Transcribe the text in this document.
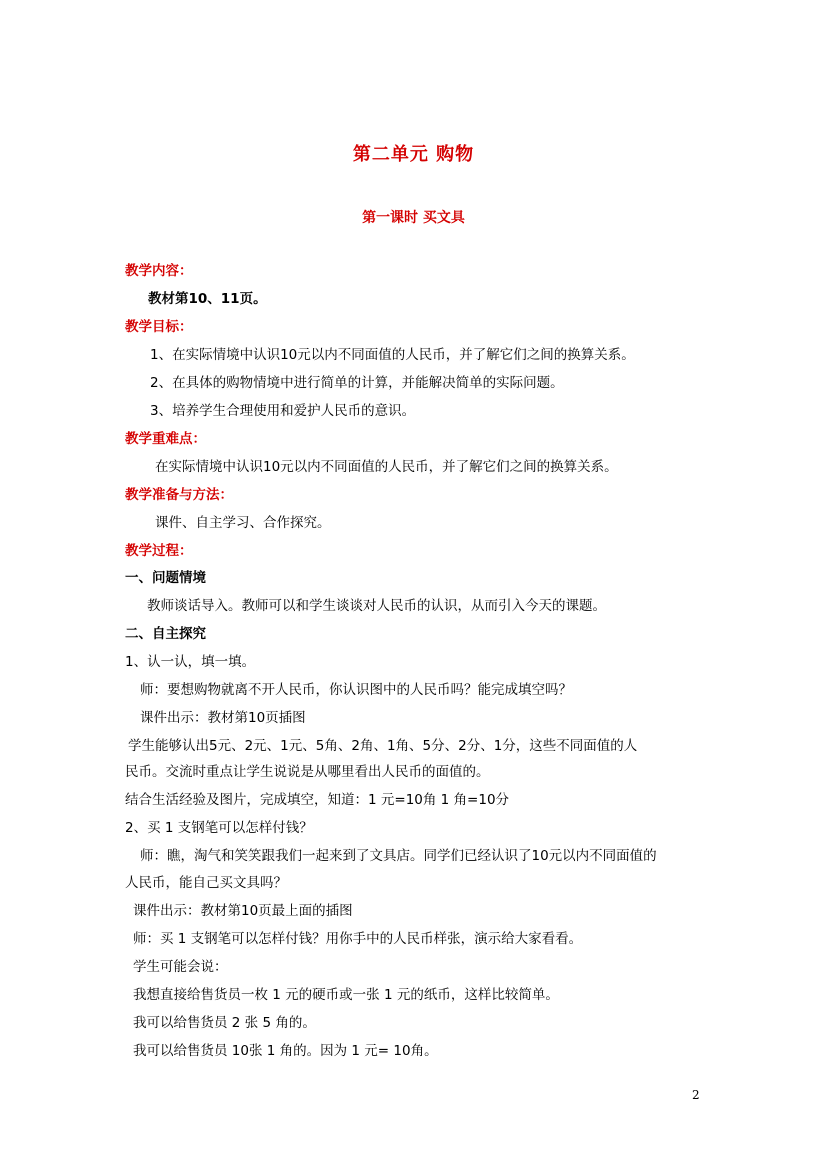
第二单元 购物
第一课时 买文具
教学内容：
教材第10、11页。
教学目标：
1、在实际情境中认识10元以内不同面值的人民币，并了解它们之间的换算关系。
2、在具体的购物情境中进行简单的计算，并能解决简单的实际问题。
3、培养学生合理使用和爱护人民币的意识。
教学重难点：
在实际情境中认识10元以内不同面值的人民币，并了解它们之间的换算关系。
教学准备与方法：
课件、自主学习、合作探究。
教学过程：
一、问题情境
教师谈话导入。教师可以和学生谈谈对人民币的认识，从而引入今天的课题。
二、自主探究
1、认一认，填一填。
师：要想购物就离不开人民币，你认识图中的人民币吗？能完成填空吗？
课件出示：教材第10页插图
学生能够认出5元、2元、1元、5角、2角、1角、5分、2分、1分，这些不同面值的人
民币。交流时重点让学生说说是从哪里看出人民币的面值的。
结合生活经验及图片，完成填空，知道：1 元=10角 1 角=10分
2、买 1 支钢笔可以怎样付钱？
师：瞧，淘气和笑笑跟我们一起来到了文具店。同学们已经认识了10元以内不同面值的
人民币，能自己买文具吗？
课件出示：教材第10页最上面的插图
师：买 1 支钢笔可以怎样付钱？用你手中的人民币样张，演示给大家看看。
学生可能会说：
我想直接给售货员一枚 1 元的硬币或一张 1 元的纸币，这样比较简单。
我可以给售货员 2 张 5 角的。
我可以给售货员 10张 1 角的。因为 1 元= 10角。
2
